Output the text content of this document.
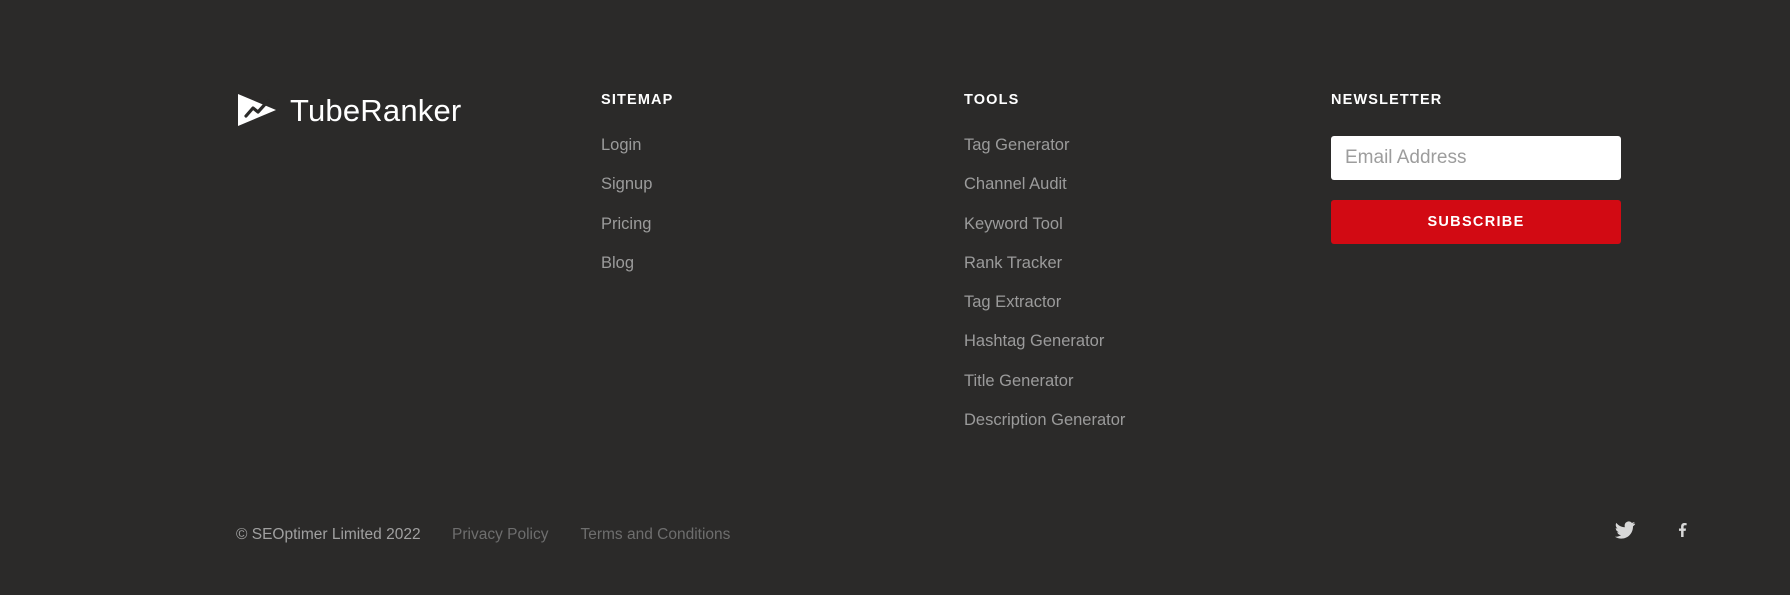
TubeRanker	SITEMAP
Login
Signup
Pricing
Blog
TOOLS
Tag Generator
Channel Audit
Keyword Tool
Rank Tracker
Tag Extractor
Hashtag Generator
Title Generator
Description Generator
NEWSLETTER
Email Address
SUBSCRIBE
© SEOptimer Limited 2022 Privacy Policy Terms and Conditions
